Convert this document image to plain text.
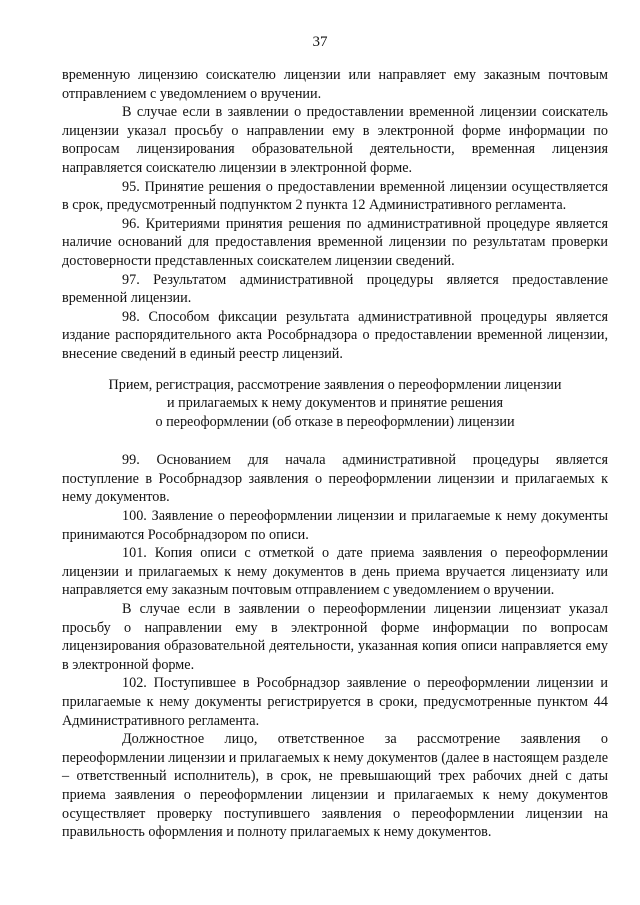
37

временную лицензию соискателю лицензии или направляет ему заказным почтовым отправлением с уведомлением о вручении.

В случае если в заявлении о предоставлении временной лицензии соискатель лицензии указал просьбу о направлении ему в электронной форме информации по вопросам лицензирования образовательной деятельности, временная лицензия направляется соискателю лицензии в электронной форме.

95. Принятие решения о предоставлении временной лицензии осуществляется в срок, предусмотренный подпунктом 2 пункта 12 Административного регламента.

96. Критериями принятия решения по административной процедуре является наличие оснований для предоставления временной лицензии по результатам проверки достоверности представленных соискателем лицензии сведений.

97. Результатом административной процедуры является предоставление временной лицензии.

98. Способом фиксации результата административной процедуры является издание распорядительного акта Рособрнадзора о предоставлении временной лицензии, внесение сведений в единый реестр лицензий.

Прием, регистрация, рассмотрение заявления о переоформлении лицензии
и прилагаемых к нему документов и принятие решения
о переоформлении (об отказе в переоформлении) лицензии

99. Основанием для начала административной процедуры является поступление в Рособрнадзор заявления о переоформлении лицензии и прилагаемых к нему документов.

100. Заявление о переоформлении лицензии и прилагаемые к нему документы принимаются Рособрнадзором по описи.

101. Копия описи с отметкой о дате приема заявления о переоформлении лицензии и прилагаемых к нему документов в день приема вручается лицензиату или направляется ему заказным почтовым отправлением с уведомлением о вручении.

В случае если в заявлении о переоформлении лицензии лицензиат указал просьбу о направлении ему в электронной форме информации по вопросам лицензирования образовательной деятельности, указанная копия описи направляется ему в электронной форме.

102. Поступившее в Рособрнадзор заявление о переоформлении лицензии и прилагаемые к нему документы регистрируется в сроки, предусмотренные пунктом 44 Административного регламента.

Должностное лицо, ответственное за рассмотрение заявления о переоформлении лицензии и прилагаемых к нему документов (далее в настоящем разделе – ответственный исполнитель), в срок, не превышающий трех рабочих дней с даты приема заявления о переоформлении лицензии и прилагаемых к нему документов осуществляет проверку поступившего заявления о переоформлении лицензии на правильность оформления и полноту прилагаемых к нему документов.
